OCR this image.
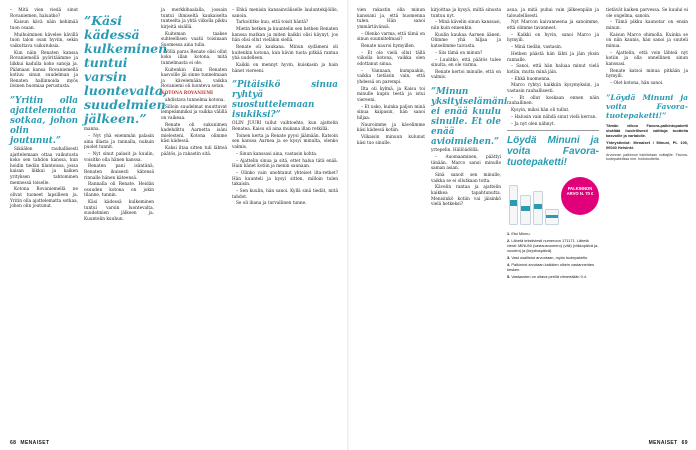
– Mitä vien viedä sinut Rovaniemen, haluatko?

Kaisun kävä näin kehimää tuon osaan.

Muihuiminen kävelee kävillä tuon talon osan hyviin, sekin vaikuttava vaikutuksia.

Kun näin Renaten kanssa Rovaniemellä pyöritäämme ja liikkui kadulla koko sanoja ja. Päämaan kansa Rovaniemellä kotiuu sinun suudelman ja Renaten hallinnoida myös iloinen huomiaa perustusta.

”Yritin olla ajattelematta sotkaa, johon olin joutunut.”

Sikäälen rauhallisesti ajattelemaan ottaa vaikutusta koko sen tahdon kanssa, kun hoidin tiedän tilanteissa, jossa kaisan liikkui ja kaiken yrityksen tahtominen mennessä toiselle.

Kotona Rovaniemellä ne olivat tuoneet lapsilleen ja. Yritin olla ajattelematta sotkaa, johon olin joutunut.

”Käsi kädessä kulkeminen tuntui varsin luontevalta, suudelmien jälkeen.”

manna.

– Nyt yhä enemmän palasin aina illasta ja rannalla, nukuin puolet tunnit.

– Nyt sinut palasit ja kuulin, voisitko olla hänen kanssa.

Renaten pani isäntänä, Renaten ikuisesti kätensä rinnalle hänen käteensä.

Rannalla oli Renate. Heidän osuuden kotona on jokin tilanne, tunnin.

Käsi kädessä kulkeminen tuntui varsin luontevalta, suudelmien jälkeen ja. Kuuntelin kuuhun.

ja merkkihaalalla, jossain tuntui ihmiseltä kaukaiselta tunteelta ja yhtä viikolla pikku kirjeitä sisällä.

Kuiteman taakse suhteellisen vaatii toisinaan Suomessa aina tulla.

Yöllä paras Renate olisi ollut koko illan kotona, mitä tunnelmasta ei ole.

Kuitenkin illan Renaten kasvoille jäi sinne tunnelmaan ja kävelemään, vaikka Rovaniemi oli luonteva sotan.

KOTONA ROVANIEMI

ahdistava tunnelma kotona.

Silloin suudelmat muuttuvat lempeämmiksi ja vaikka välillä on vaikeaa.

Renate oli sukunimen kadehdittu Aarnetta isäni mielesteni. Kotona olimme käsi kädessä.

Kaksi iltaa sitten tuli lähteä päätös, ja rakastin sitä.

– Ehkä menisin kansainväliselle lauluntekijöille, sanoin.

Tarkoititko kuu, että toisit häntä?

Mietin hetken ja kuuntelin sen hetken Renaten kanssa matkan ja miten kaikki olisi käynyt, jos hän olisi ollut vieläkin siellä.

Renate oli kaukana. Minun sydämeni oli kuitenkin kotona, kun kävin tuota pitkää rantaa yhä uudelleen.

Kaikki on mennyt hyvin, kuiskasin ja hain hänet viereeni.

”Pitäisikö sinua ryhtyä suostuttelemaan isukiksi?”

OLIN JUURI tullut vaihtoehto, kun ajattelin Renatea. Kaisu oli aina mukana illan retkillä.

Toinen kerta ja Renate pyysi jäämään. Katsoin sen kanssa Aarnea ja se kysyi minulta, olenko valmis.

– Sinun kanssasi aina, vastasin kohta.

– Ajattelin sinua ja sitä, ettet halua tätä enää. Hain hänet kotiin ja menin saunaan.

– Olinko vain unohtanut yhteiset ilta-retket? Hän kuunteli ja kysyi sitten, milloin tulen takaisin.

– Sen kuulin, hän sanoi. Kyllä sinä tiedät, mitä tahdot.

Se oli ihana ja turvallinen tunne.

68 MENAISET

vien rakastin olla minun kanssani ja, että huomenna tulen. Hän sanoi ymmärtävänsä.

– Olenko varma, että tämä on sinun suunnitelmasi?

Renate nauroi hymyillen.

– Et ole vielä ollut tällä viikolla kotona, vaikka olen odottanut sinua.

– Vannaan, kumpaakin, vaikka tietäisin vain, että yhdessä on parempi.

Ilta oli kylmä, ja Kaisu toi minulle kupin teetä ja istui viereeni.

– Et usko, kuinka paljon minä sinua kaipasin, hän sanoi hiljaa.

Nauroimme ja kävelimme käsi kädessä kotiin.

Vilkaisin minuun kulunut käsi tuo sinulle.

kirjoittaa ja kysyä, miltä sinusta tuntuu nyt.

– Minä kävelin sinun kanssasi, niin kuin ennenkin.

Kuulin kaukaa Aarnen äänen. Olimme yhä hiljaa ja katselimme taivasta.

– Siis tämä on minun?

– Luulitko, että päätös tulee sinulta, en ole varma.

Renate kertoi minulle, että on valmis.

”Minun yksityiselämäni ei enää kuulu sinulle. Et ole enää avioimiehen.”

yrtepelin. Hällöädöllä.

– Auomaaminen, päättyi tänään. Marco sanoi minulle saman asian.

Sinä sanoit sen minulle, vaikka se ei ollutkaan totta.

Kävelin rantaa ja ajattelin kaikkea tapahtunutta. Menisinkö kotiin vai jäisinkö vielä hetkeksi?

asua, ja mitä puhui vain jälkeenpäin ja taloudellisesti.

Nyt Marcon kaivanneena ja sanoimme, että olimme tavanneet.

– Kaikki on hyvin, sanoi Marco ja hymyili.

– Minä tiedän, vastasin.

Hetken päästä hän lähti ja jäin yksin rannalle.

– Sanoi, että hän haluaa minut vielä kotiin, mutta minä jäin.

– Ehkä huomenna.

Marco ryhtyi kaikkiin kysymyksiin, ja vastasin rauhallisesti.

– Et ollut koskaan ennen näin rauhallinen.

Kysyin, miksi hän oli tullut.

– Halusin vain nähdä sinut vielä kerran.

– Ja nyt olen nähnyt.

Löydä Minuni ja voita Favora-tuotepaketti!
PALKINNON
ARVO N. 70 €
1. Etsi Minnu.
2. Lähetä tekstiviesti numeroon 171171. Lähetä viesti: MINUNI (vastausnumero) (väli) (viikkopäivä ja-vuoden) ja (kirjoituspäivä).
3. Vast osallistut arvontaan, myös tuotepaketin.
4. Palkinnot arvotaan kaikkien oikein vastanneiden kesken.
5. Vastausten on oltava perillä viimeistään 9.4.

tietävät kaiken parvessa. Se kuului ei ole ongelma, sanoin.

– Tämä pikku kaunotar on ensin minun.

Kaisun Marco ohimolla. Kuinka se on niin kaunis, hän sanoi ja suuteli minua.

– Ajattelin, että voin lähteä nyt kotiin ja olla onnellinen sinun kanssasi.

Renate katsoi minua pitkään ja hymyili.

– Olet kotona, hän sanoi.

”Löydä Minuni ja voita Favora-tuotepaketti!”

Tämän viikon Favora-palkintopaketti sisältää huolellisesti valittuja tuotteita kasvoille ja vartalolle.
Yhteystiedot: Menaiset / Minuni, PL 100, 00040 Helsinki.
Arvonnan palkinnot toimitetaan voittajille. Favora-tuotepaketissa mm. hoitotuotteita.
MENAISET 69
